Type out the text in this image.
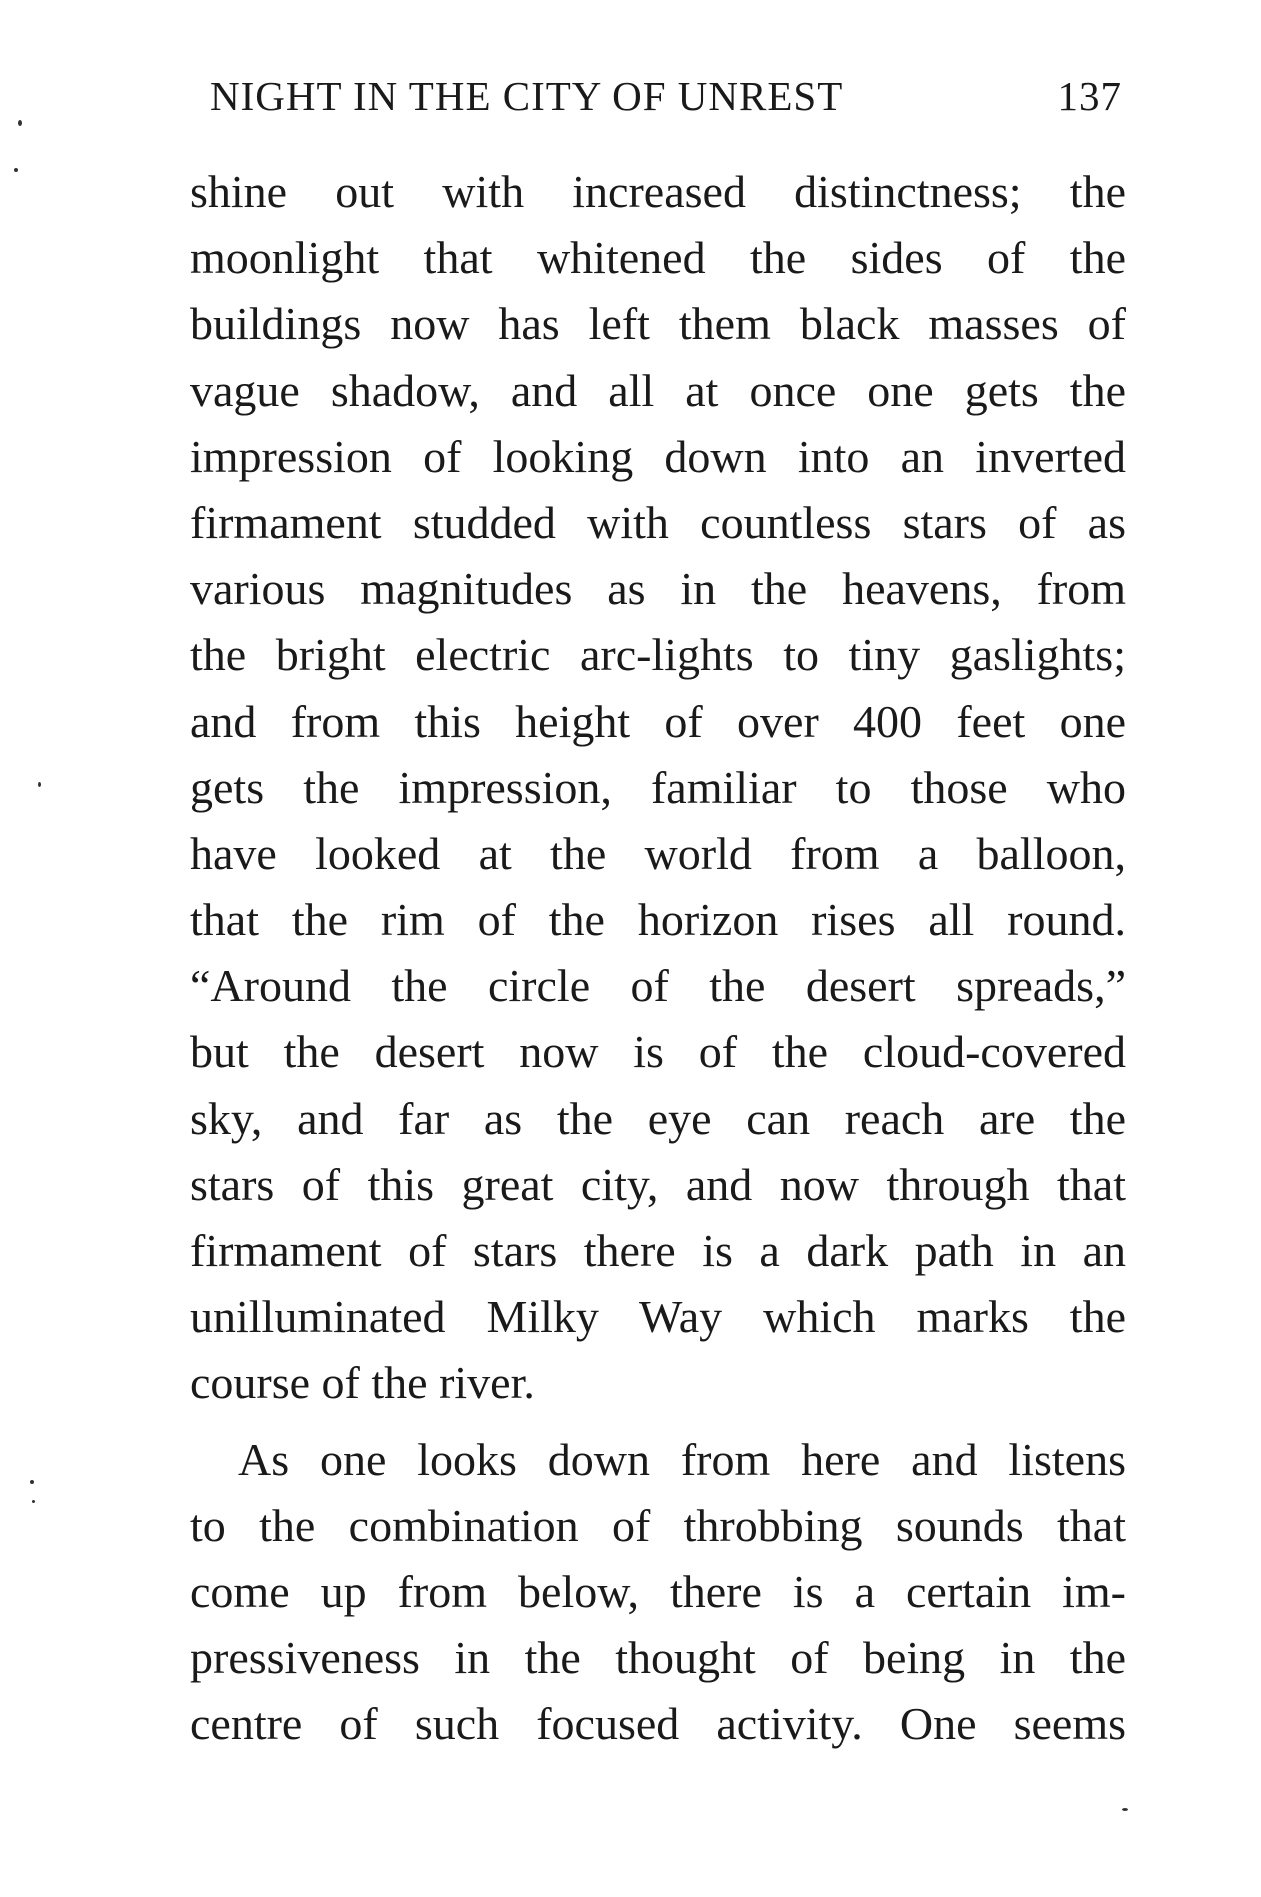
NIGHT IN THE CITY OF UNREST	137
shine out with increased distinctness; the
moonlight that whitened the sides of the
buildings now has left them black masses of
vague shadow, and all at once one gets the
impression of looking down into an inverted
firmament studded with countless stars of as
various magnitudes as in the heavens, from
the bright electric arc-lights to tiny gaslights;
and from this height of over 400 feet one
gets the impression, familiar to those who
have looked at the world from a balloon,
that the rim of the horizon rises all round.
“Around the circle of the desert spreads,”
but the desert now is of the cloud-covered
sky, and far as the eye can reach are the
stars of this great city, and now through that
firmament of stars there is a dark path in an
unilluminated Milky Way which marks the
course of the river.
As one looks down from here and listens
to the combination of throbbing sounds that
come up from below, there is a certain im-
pressiveness in the thought of being in the
centre of such focused activity. One seems
